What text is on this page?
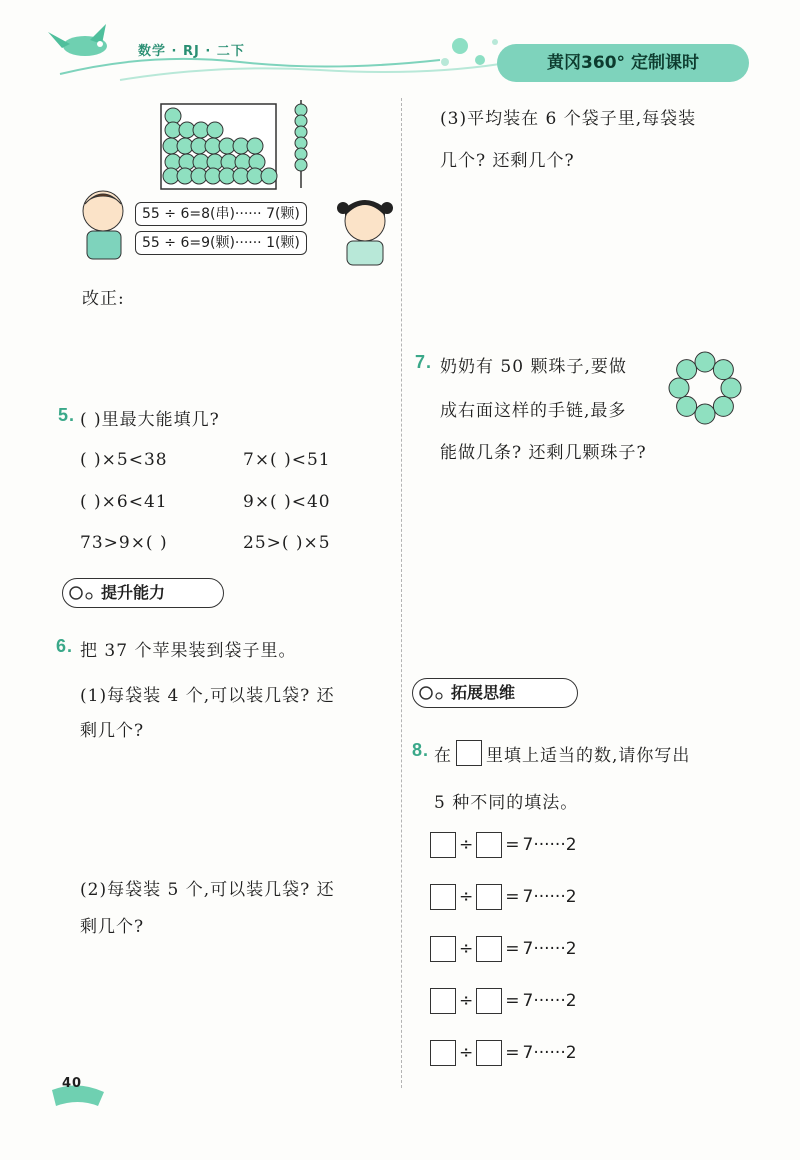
数学 · RJ · 二下
黄冈360° 定制课时
55 ÷ 6=8(串)······ 7(颗)
55 ÷ 6=9(颗)······ 1(颗)
改正:
5. ( )里最大能填几?
( )×5<38	7×( )<51
( )×6<41	9×( )<40
73>9×( )	25>( )×5
提升能力
6. 把 37 个苹果装到袋子里。
(1)每袋装 4 个,可以装几袋? 还
剩几个?
(2)每袋装 5 个,可以装几袋? 还
剩几个?
(3)平均装在 6 个袋子里,每袋装
几个? 还剩几个?
7. 奶奶有 50 颗珠子,要做
成右面这样的手链,最多
能做几条? 还剩几颗珠子?
拓展思维
8. 在 里填上适当的数,请你写出
5 种不同的填法。
÷ = 7······2
÷ = 7······2
÷ = 7······2
÷ = 7······2
÷ = 7······2
40
